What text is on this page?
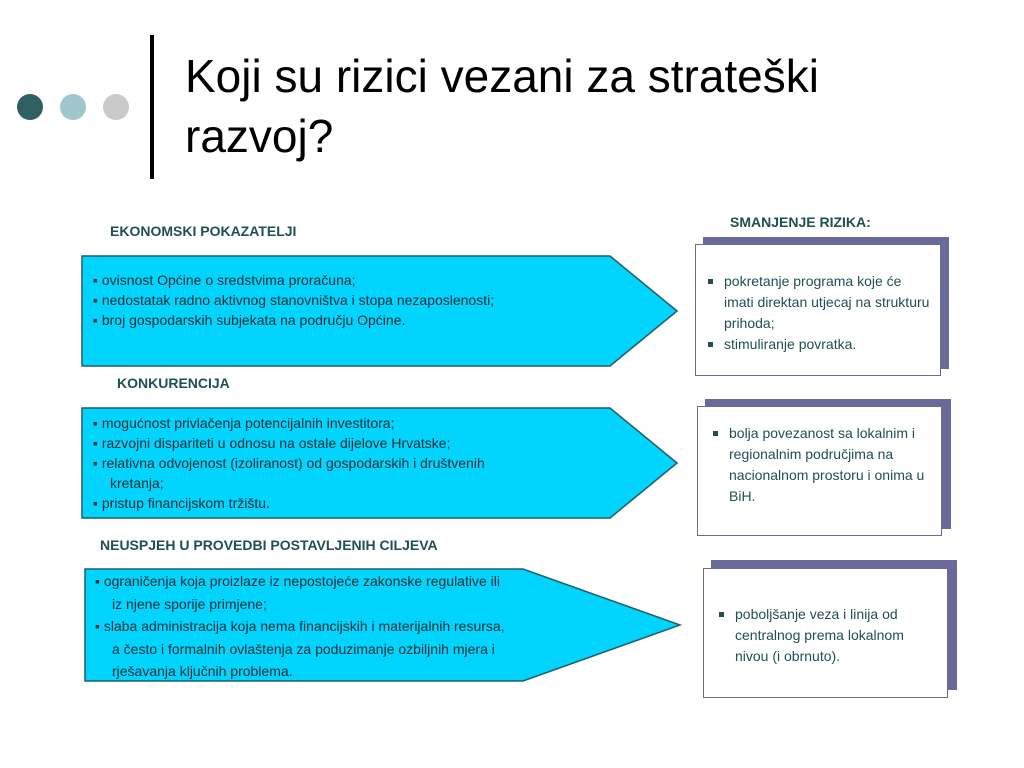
Koji su rizici vezani za strateški
razvoj?
SMANJENJE RIZIKA:
EKONOMSKI POKAZATELJI
▪ ovisnost Općine o sredstvima proračuna;
▪ nedostatak radno aktivnog stanovništva i stopa nezaposlenosti;
▪ broj gospodarskih subjekata na području Općine.
pokretanje programa koje će imati direktan utjecaj na strukturu prihoda;
stimuliranje povratka.
KONKURENCIJA
▪ mogućnost privlačenja potencijalnih investitora;
▪ razvojni dispariteti u odnosu na ostale dijelove Hrvatske;
▪ relativna odvojenost (izoliranost) od gospodarskih i društvenih
kretanja;
▪ pristup financijskom tržištu.
bolja povezanost sa lokalnim i regionalnim područjima na nacionalnom prostoru i onima u BiH.
NEUSPJEH U PROVEDBI POSTAVLJENIH CILJEVA
▪ ograničenja koja proizlaze iz nepostojeće zakonske regulative ili
iz njene sporije primjene;
▪ slaba administracija koja nema financijskih i materijalnih resursa,
a često i formalnih ovlaštenja za poduzimanje ozbiljnih mjera i
rješavanja ključnih problema.
poboljšanje veza i linija od centralnog prema lokalnom nivou (i obrnuto).
